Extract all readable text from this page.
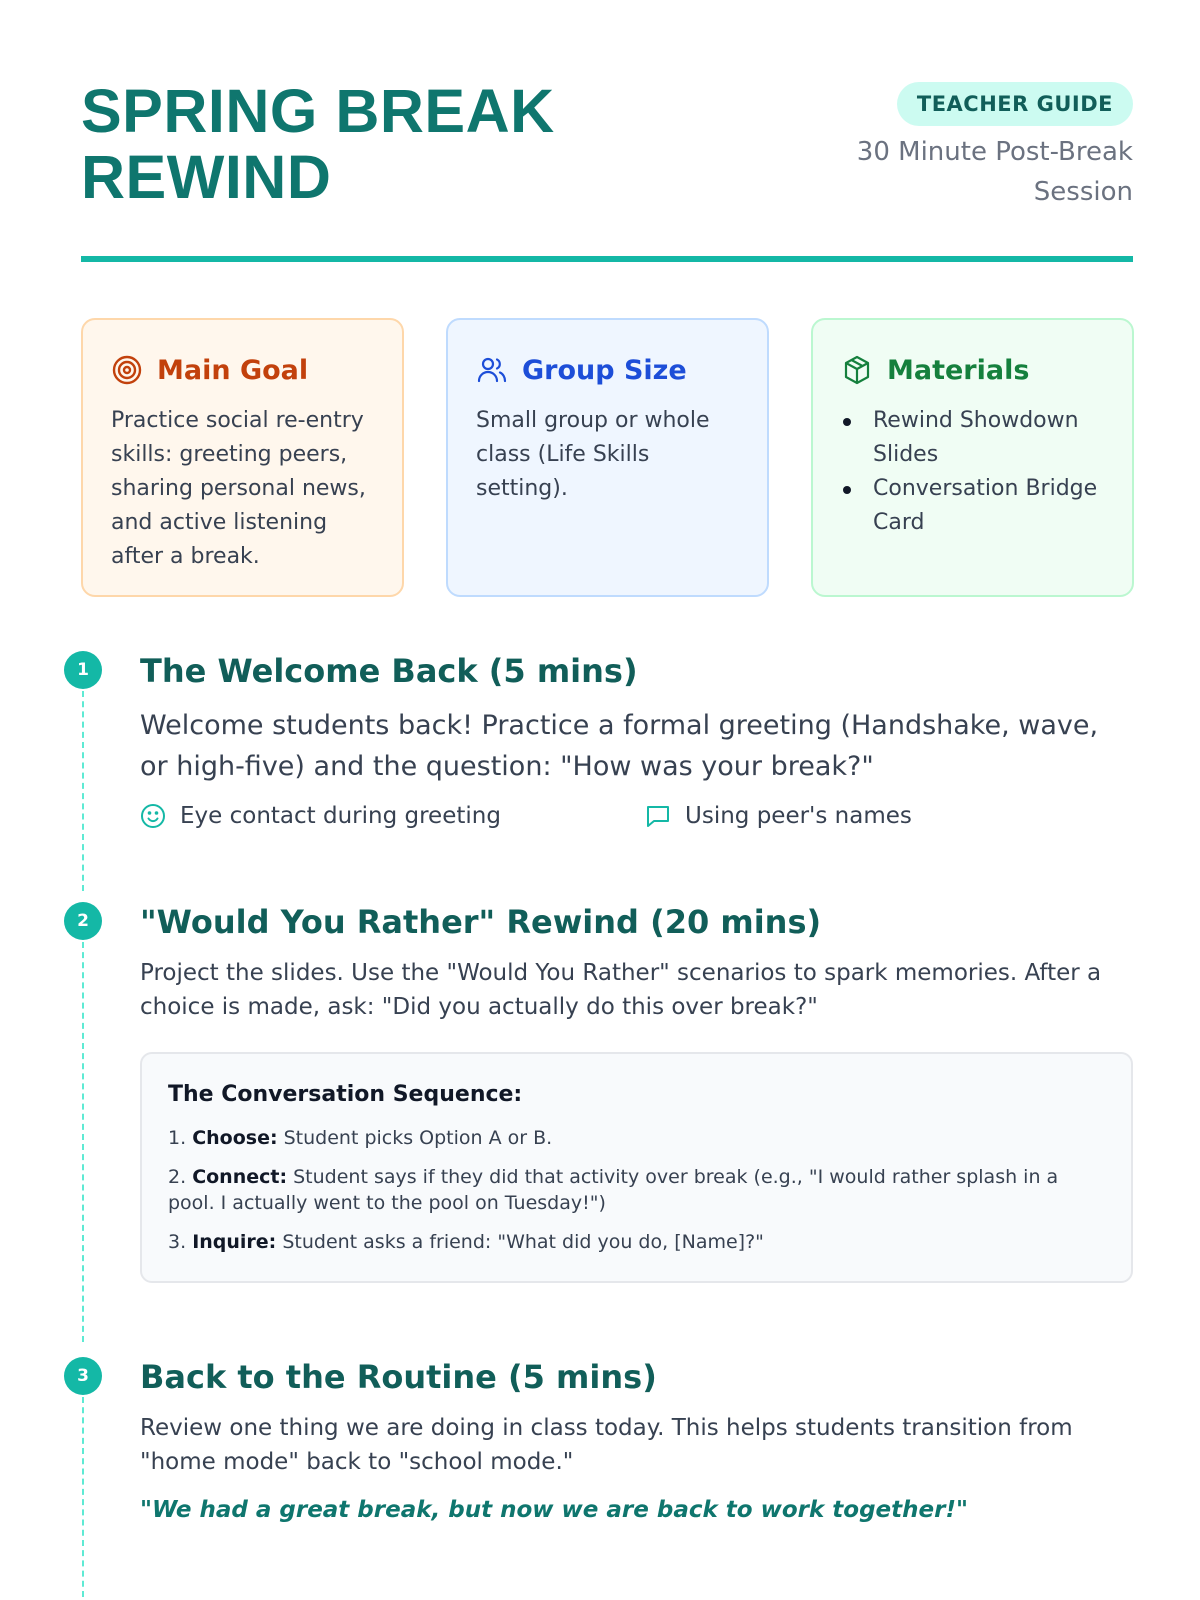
SPRING BREAK
REWIND
TEACHER GUIDE
30 Minute Post-Break Session
Main Goal
Practice social re-entry skills: greeting peers, sharing personal news, and active listening after a break.
Group Size
Small group or whole class (Life Skills setting).
Materials
Rewind Showdown Slides
Conversation Bridge Card
1	The Welcome Back (5 mins)
Welcome students back! Practice a formal greeting (Handshake, wave, or high-five) and the question: "How was your break?"
Eye contact during greeting	Using peer's names
2	"Would You Rather" Rewind (20 mins)
Project the slides. Use the "Would You Rather" scenarios to spark memories. After a choice is made, ask: "Did you actually do this over break?"
The Conversation Sequence:
1. Choose: Student picks Option A or B.
2. Connect: Student says if they did that activity over break (e.g., "I would rather splash in a pool. I actually went to the pool on Tuesday!")
3. Inquire: Student asks a friend: "What did you do, [Name]?"
3	Back to the Routine (5 mins)
Review one thing we are doing in class today. This helps students transition from "home mode" back to "school mode."
"We had a great break, but now we are back to work together!"
